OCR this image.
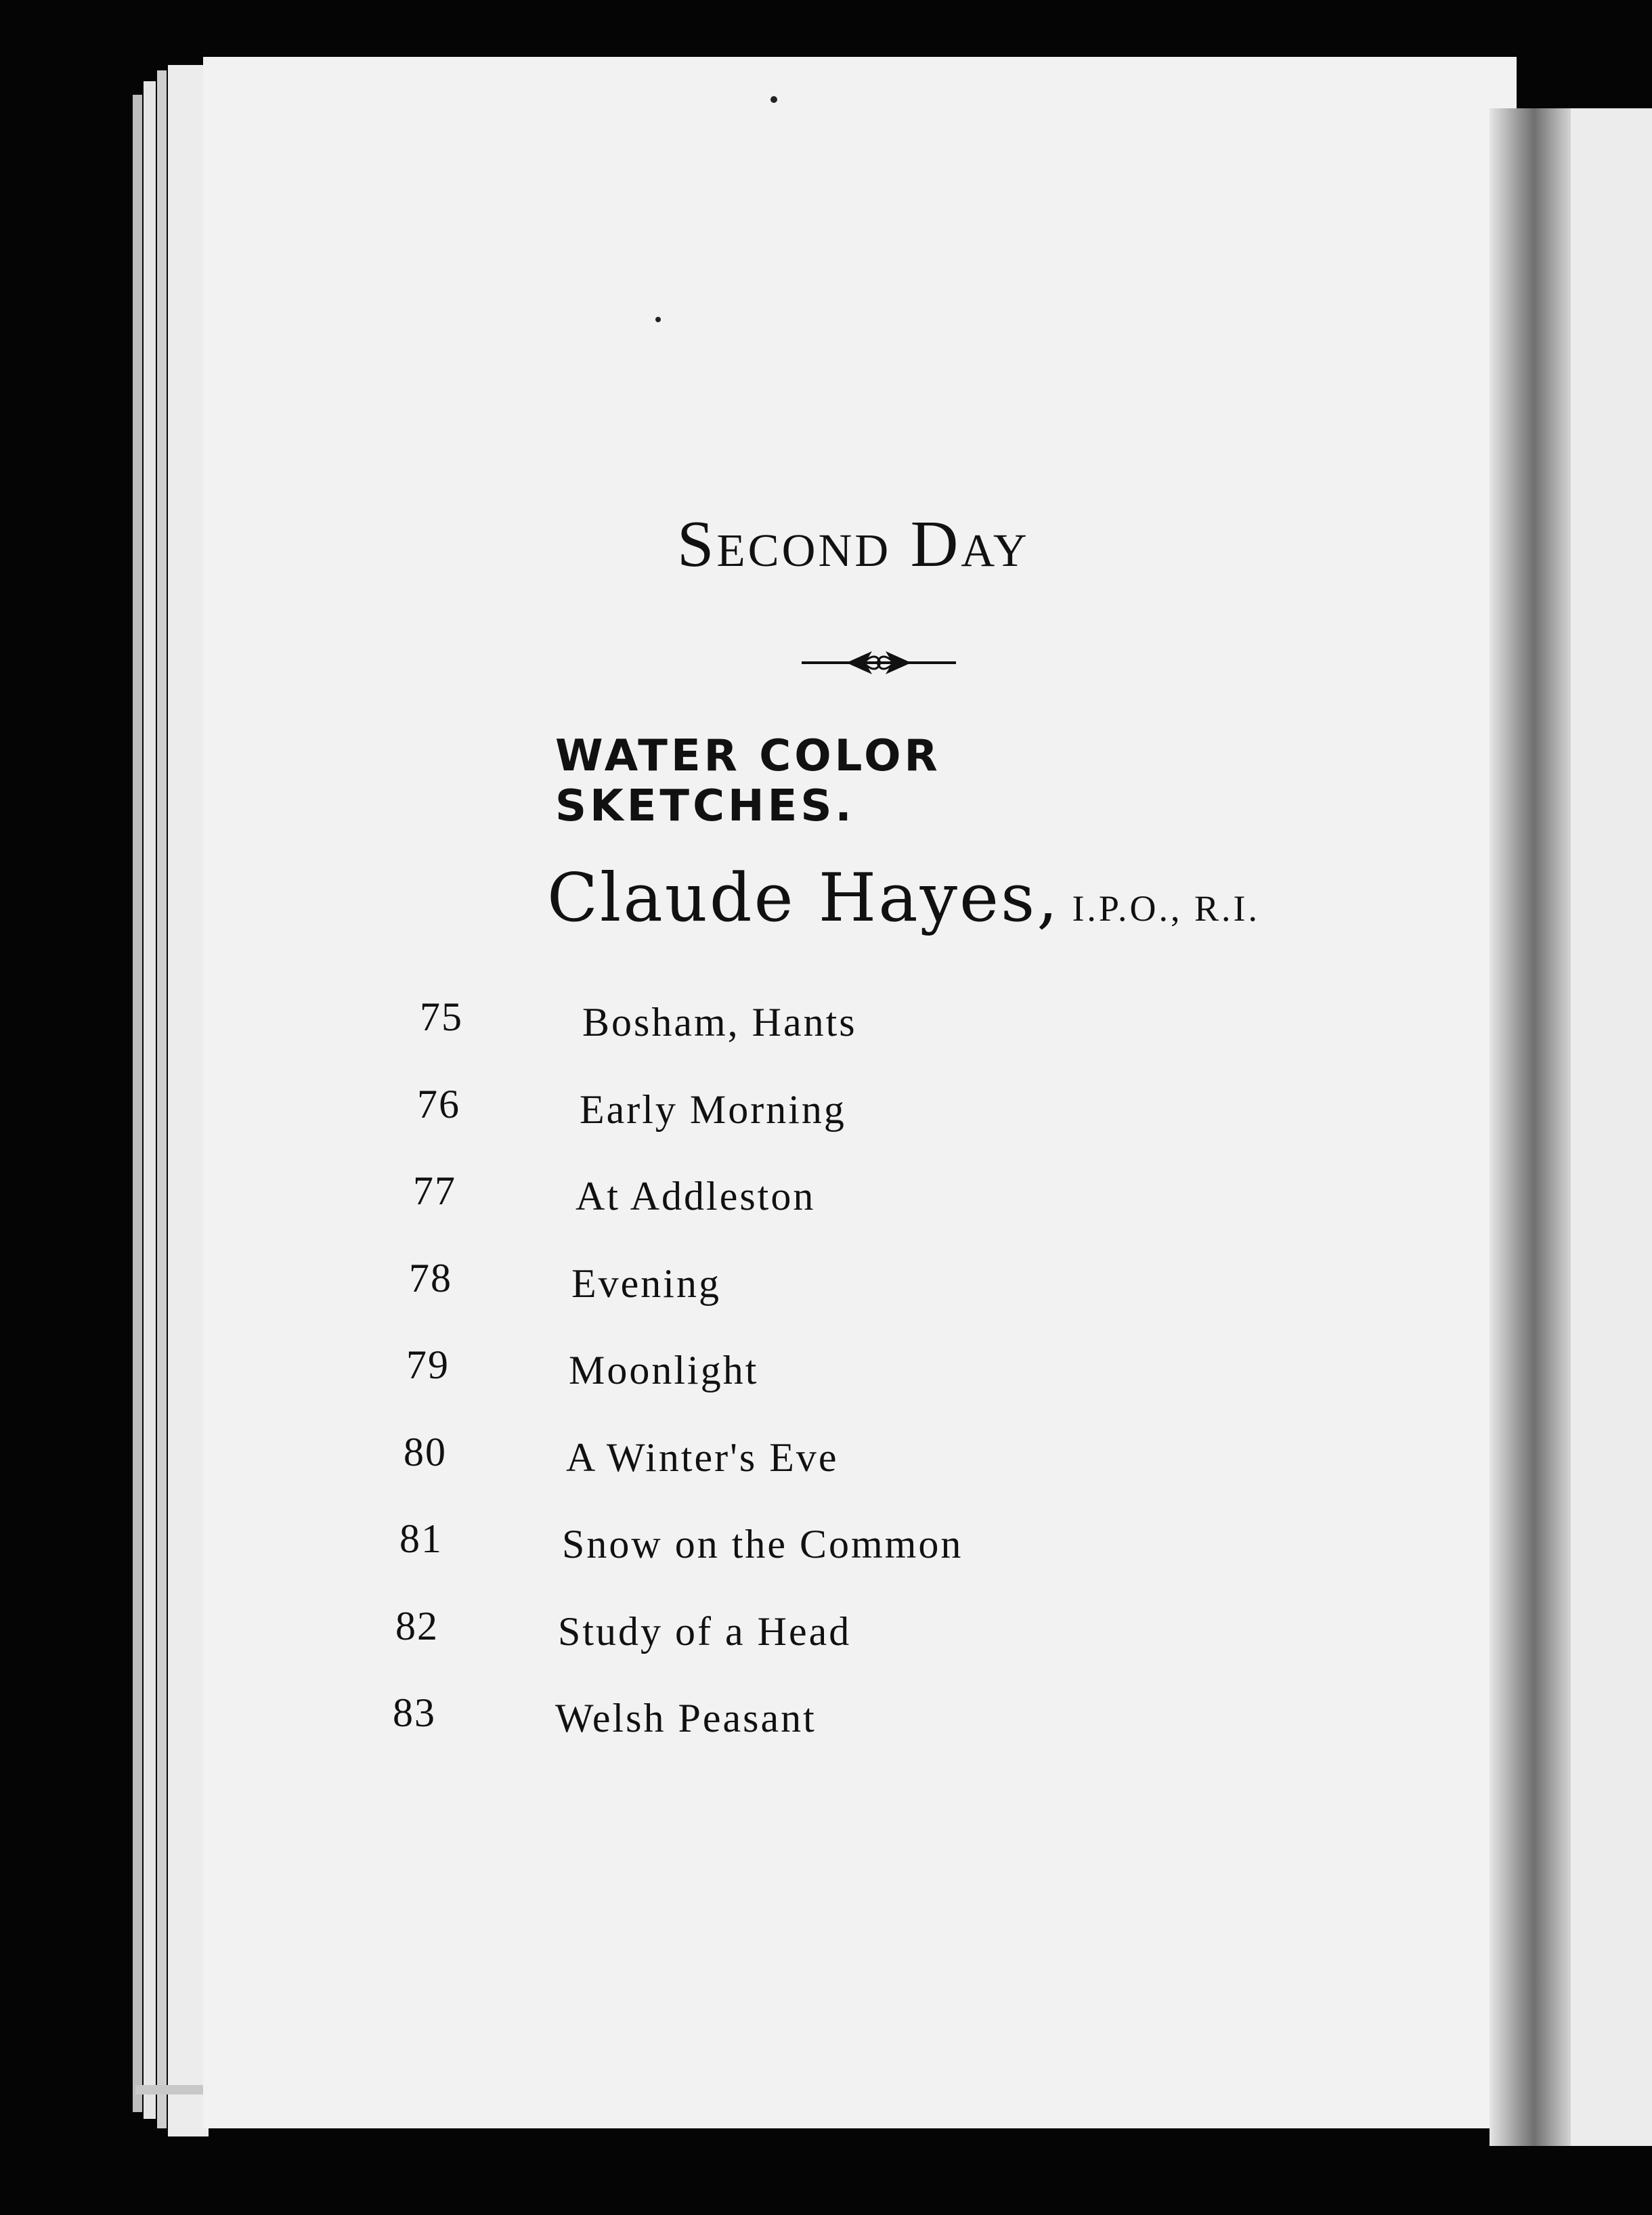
Second Day
WATER COLOR SKETCHES.
Claude Hayes, I.P.O., R.I.
75	Bosham, Hants
76	Early Morning
77	At Addleston
78	Evening
79	Moonlight
80	A Winter's Eve
81	Snow on the Common
82	Study of a Head
83	Welsh Peasant
